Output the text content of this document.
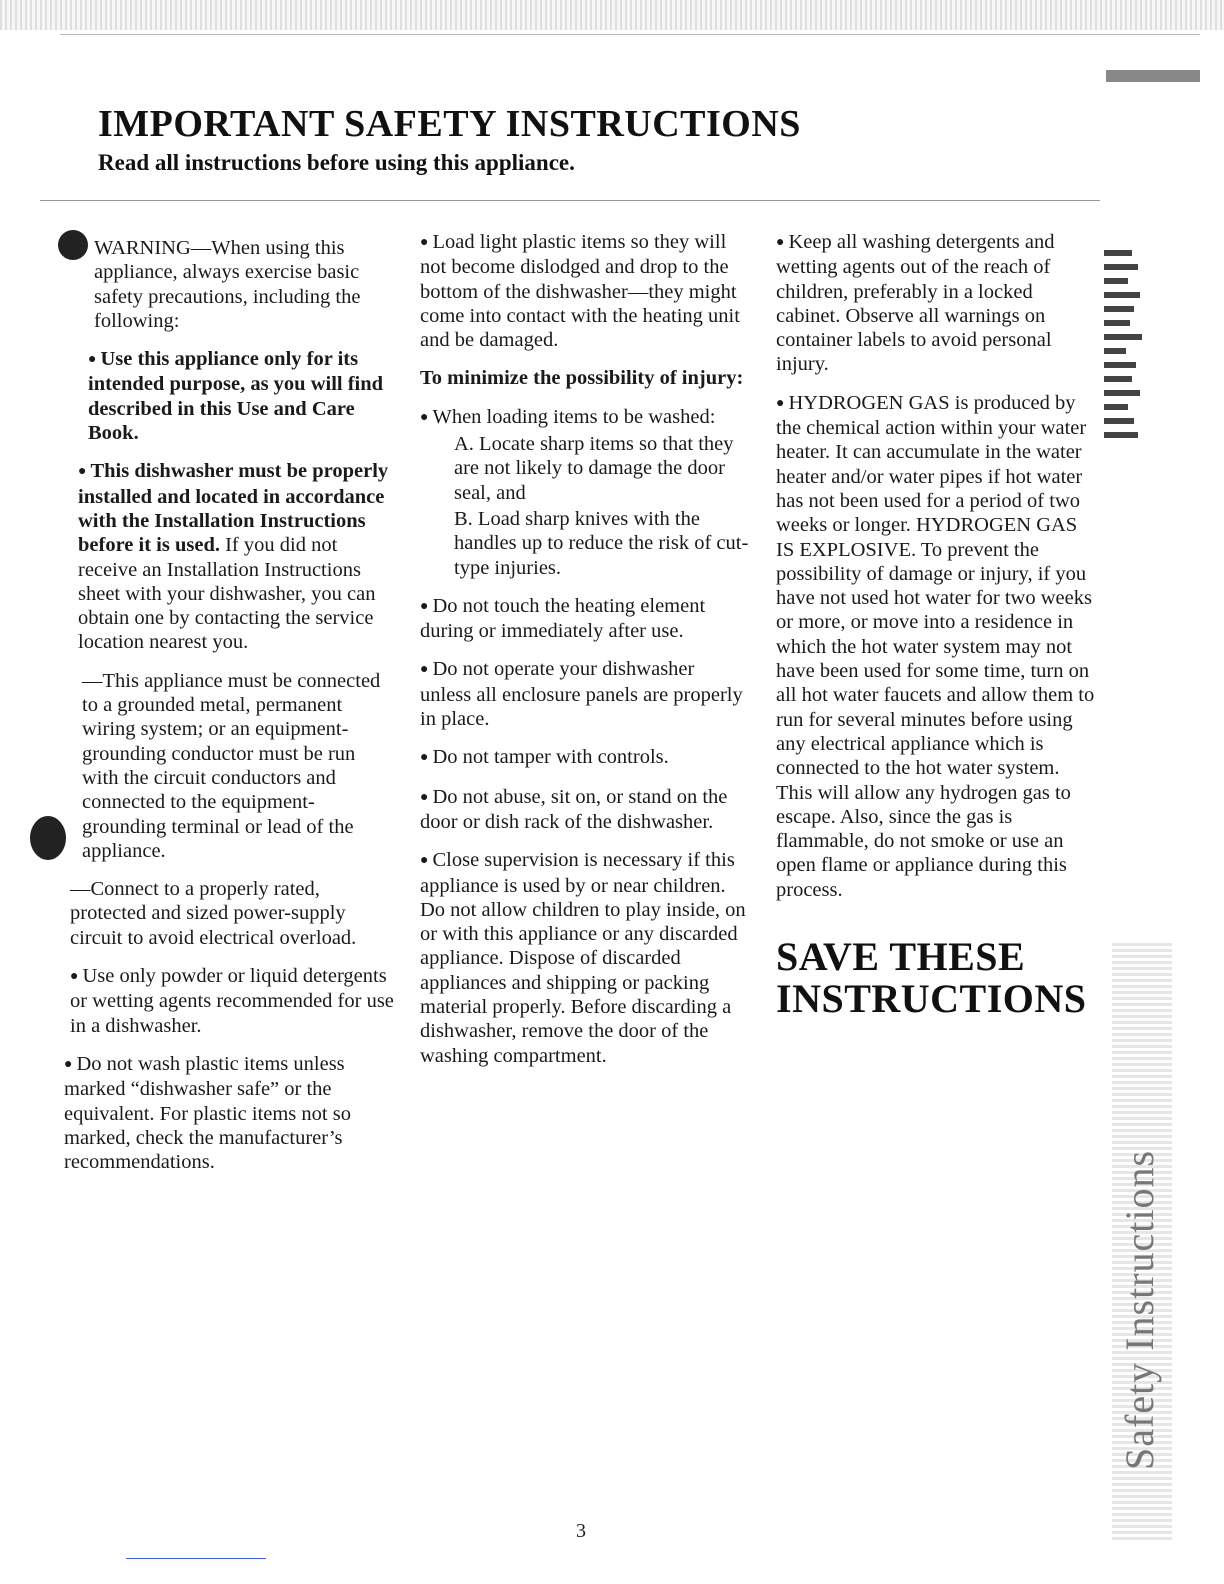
IMPORTANT SAFETY INSTRUCTIONS
Read all instructions before using this appliance.

WARNING—When using this appliance, always exercise basic safety precautions, including the following:

● Use this appliance only for its intended purpose, as you will find described in this Use and Care Book.

● This dishwasher must be properly installed and located in accordance with the Installation Instructions before it is used. If you did not receive an Installation Instructions sheet with your dishwasher, you can obtain one by contacting the service location nearest you.

—This appliance must be connected to a grounded metal, permanent wiring system; or an equipment-grounding conductor must be run with the circuit conductors and connected to the equipment-grounding terminal or lead of the appliance.

—Connect to a properly rated, protected and sized power-supply circuit to avoid electrical overload.

● Use only powder or liquid detergents or wetting agents recommended for use in a dishwasher.

● Do not wash plastic items unless marked “dishwasher safe” or the equivalent. For plastic items not so marked, check the manufacturer’s recommendations.

● Load light plastic items so they will not become dislodged and drop to the bottom of the dishwasher—they might come into contact with the heating unit and be damaged.

To minimize the possibility of injury:

● When loading items to be washed:

A. Locate sharp items so that they are not likely to damage the door seal, and

B. Load sharp knives with the handles up to reduce the risk of cut-type injuries.

● Do not touch the heating element during or immediately after use.

● Do not operate your dishwasher unless all enclosure panels are properly in place.

● Do not tamper with controls.

● Do not abuse, sit on, or stand on the door or dish rack of the dishwasher.

● Close supervision is necessary if this appliance is used by or near children. Do not allow children to play inside, on or with this appliance or any discarded appliance. Dispose of discarded appliances and shipping or packing material properly. Before discarding a dishwasher, remove the door of the washing compartment.

● Keep all washing detergents and wetting agents out of the reach of children, preferably in a locked cabinet. Observe all warnings on container labels to avoid personal injury.

● HYDROGEN GAS is produced by the chemical action within your water heater. It can accumulate in the water heater and/or water pipes if hot water has not been used for a period of two weeks or longer. HYDROGEN GAS IS EXPLOSIVE. To prevent the possibility of damage or injury, if you have not used hot water for two weeks or more, or move into a residence in which the hot water system may not have been used for some time, turn on all hot water faucets and allow them to run for several minutes before using any electrical appliance which is connected to the hot water system. This will allow any hydrogen gas to escape. Also, since the gas is flammable, do not smoke or use an open flame or appliance during this process.

SAVE THESE
INSTRUCTIONS
Safety Instructions
3
